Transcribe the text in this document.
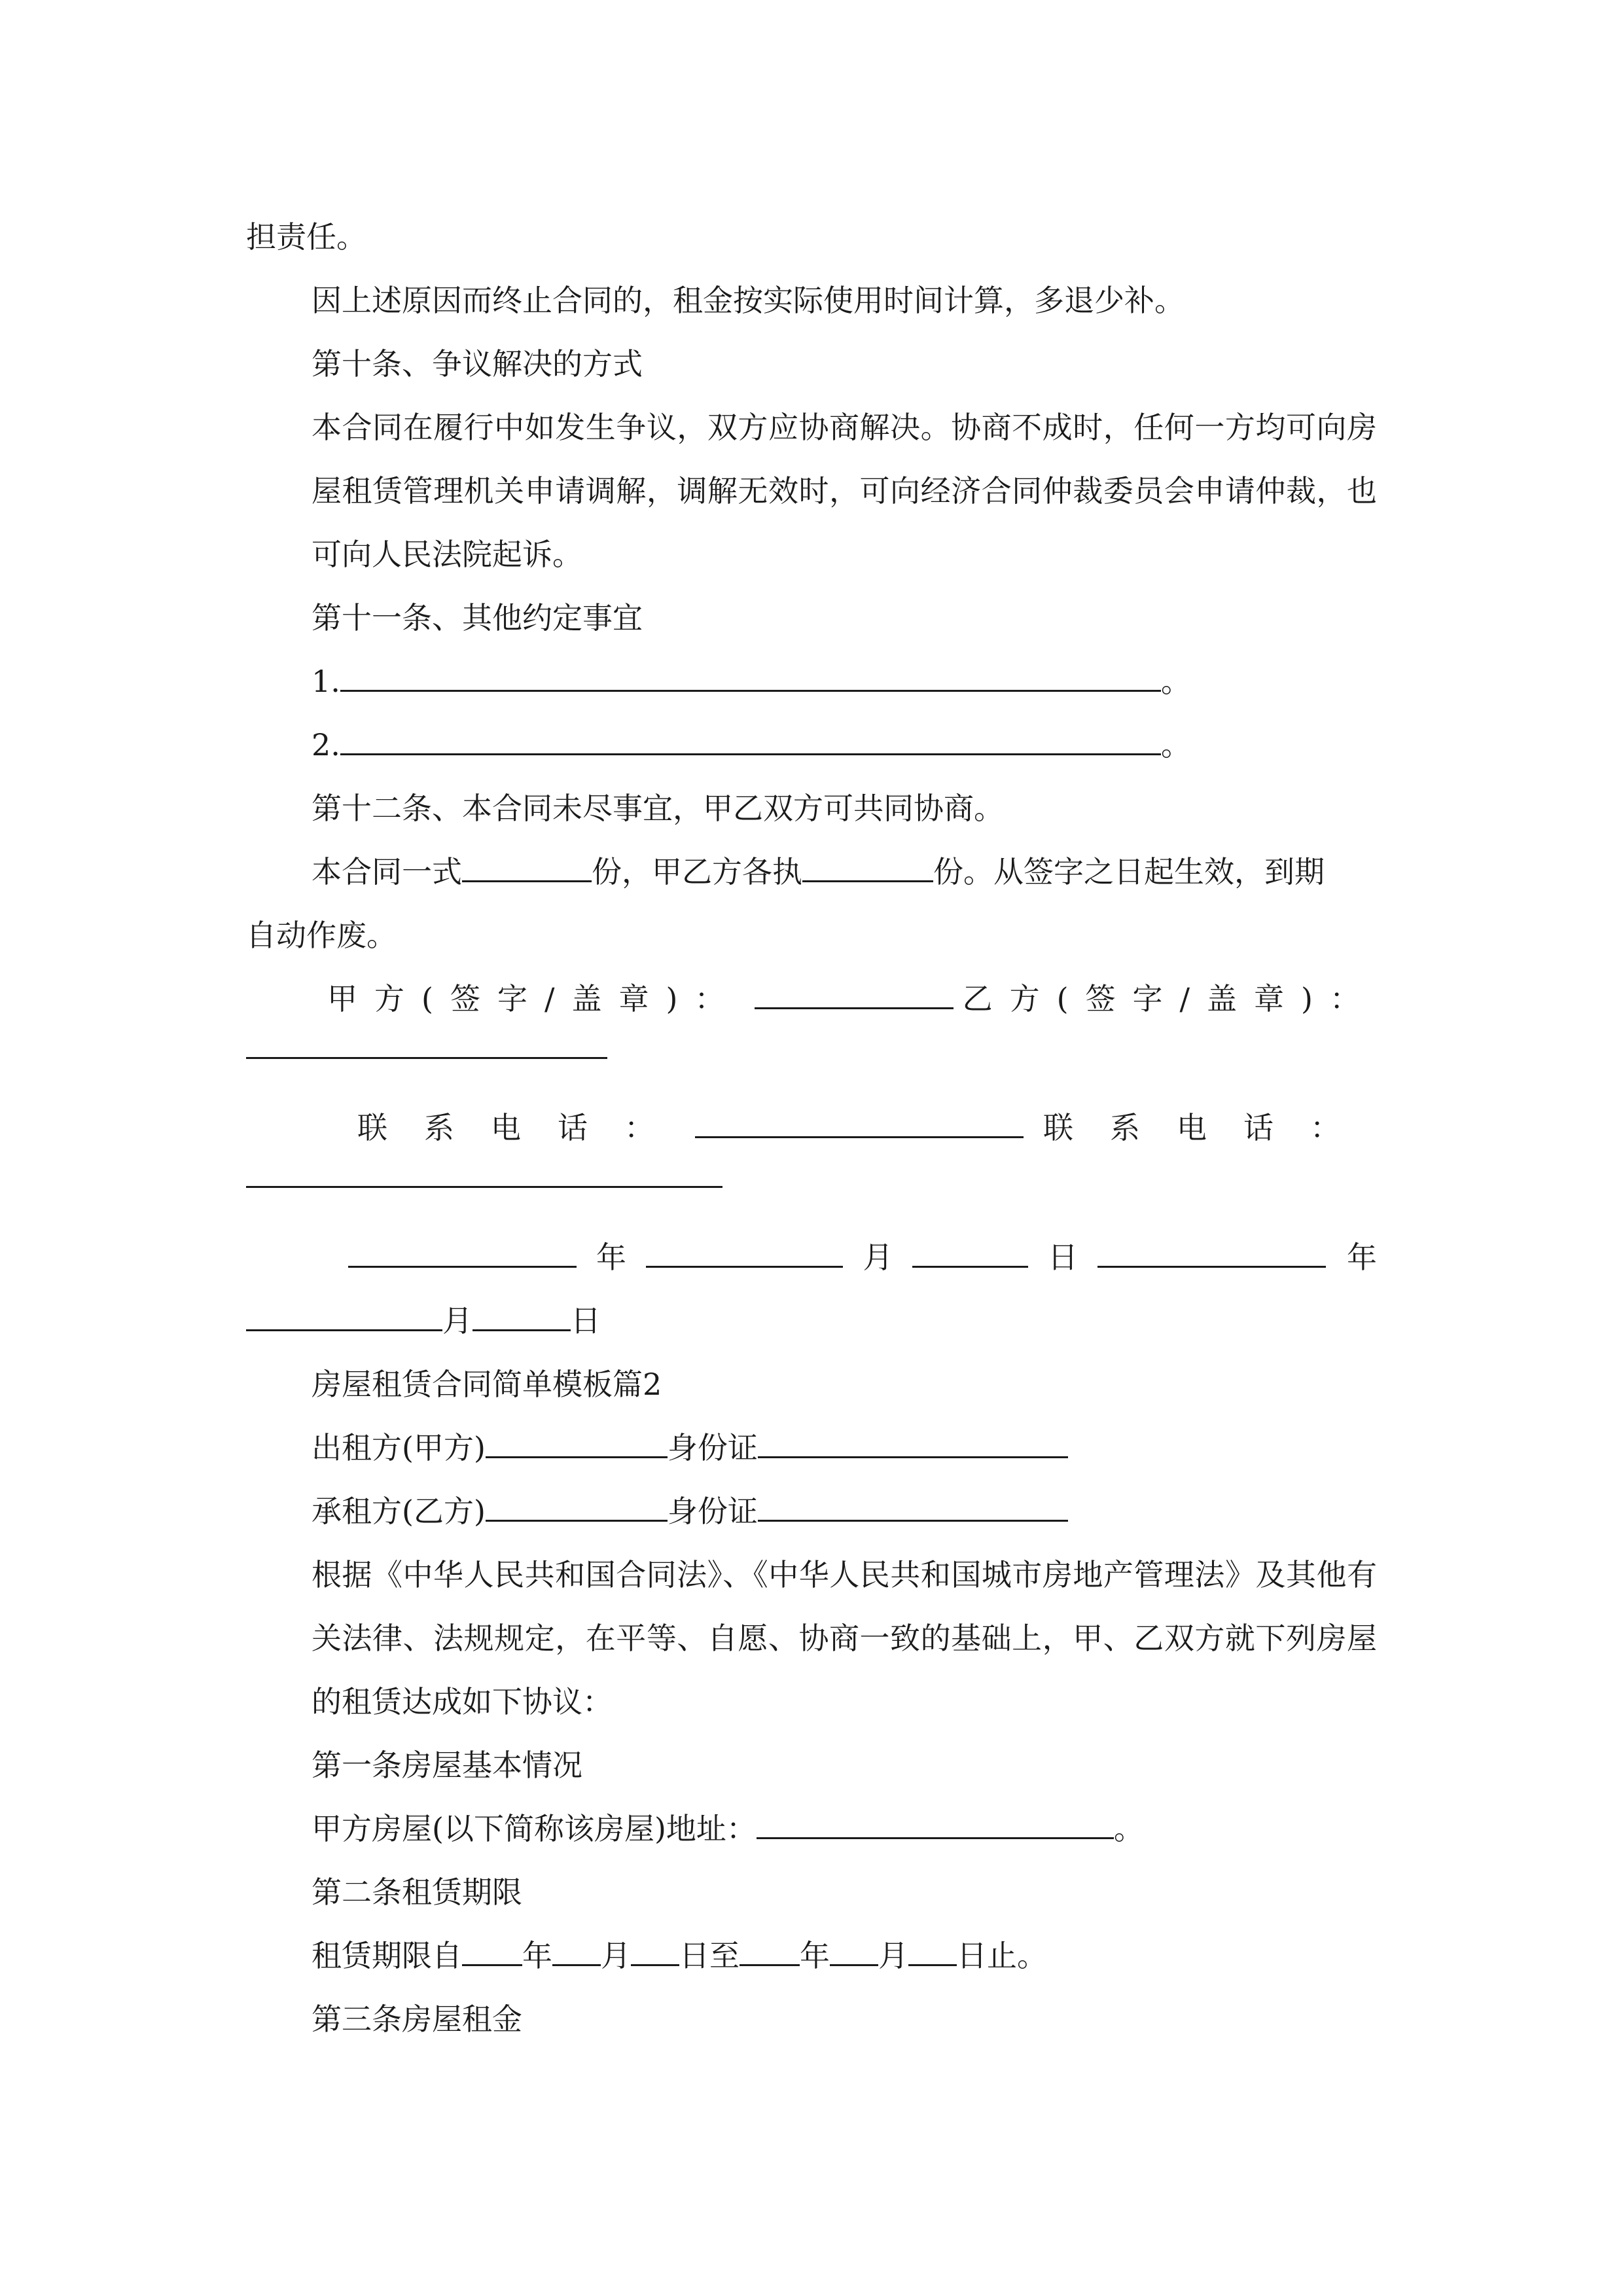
担责任。

因上述原因而终止合同的，租金按实际使用时间计算，多退少补。

第十条、争议解决的方式

本合同在履行中如发生争议，双方应协商解决。协商不成时，任何一方均可向房屋租赁管理机关申请调解，调解无效时，可向经济合同仲裁委员会申请仲裁，也可向人民法院起诉。

第十一条、其他约定事宜

1.	。
2.	。

第十二条、本合同未尽事宜，甲乙双方可共同协商。

本合同一式	份，甲乙方各执	份。从签字之日起生效，到期

自动作废。

甲方(签字/盖章)：	乙方(签字/盖章)：
联系电话：	联系电话：
年	月	日	年
月	日

房屋租赁合同简单模板篇2

出租方(甲方)	身份证
承租方(乙方)	身份证

根据《中华人民共和国合同法》、《中华人民共和国城市房地产管理法》及其他有关法律、法规规定，在平等、自愿、协商一致的基础上，甲、乙双方就下列房屋的租赁达成如下协议：

第一条房屋基本情况

甲方房屋(以下简称该房屋)地址：	。

第二条租赁期限

租赁期限自 年 月 日至 年 月 日止。

第三条房屋租金
